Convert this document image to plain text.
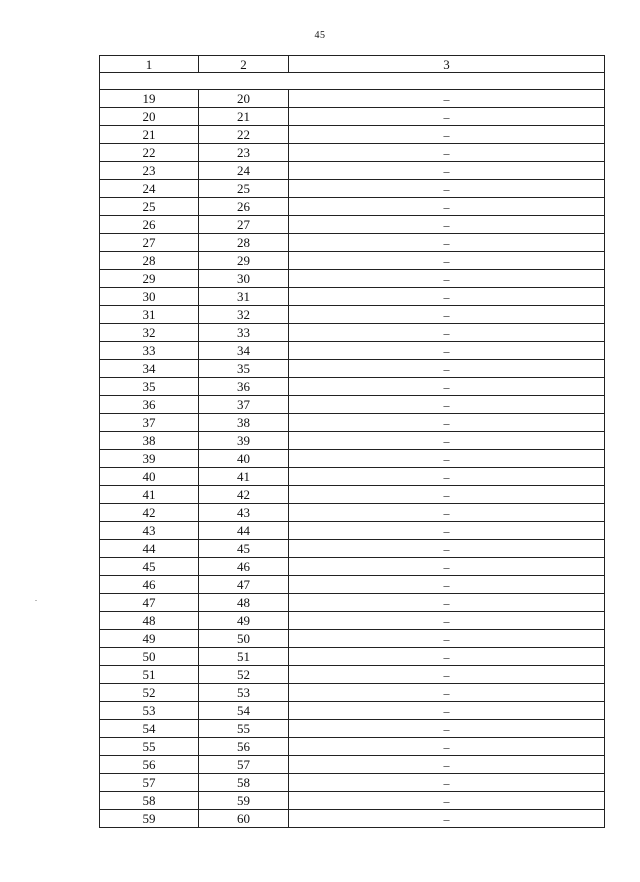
45
1	2	3

19	20	–
20	21	–
21	22	–
22	23	–
23	24	–
24	25	–
25	26	–
26	27	–
27	28	–
28	29	–
29	30	–
30	31	–
31	32	–
32	33	–
33	34	–
34	35	–
35	36	–
36	37	–
37	38	–
38	39	–
39	40	–
40	41	–
41	42	–
42	43	–
43	44	–
44	45	–
45	46	–
46	47	–
47	48	–
48	49	–
49	50	–
50	51	–
51	52	–
52	53	–
53	54	–
54	55	–
55	56	–
56	57	–
57	58	–
58	59	–
59	60	–
